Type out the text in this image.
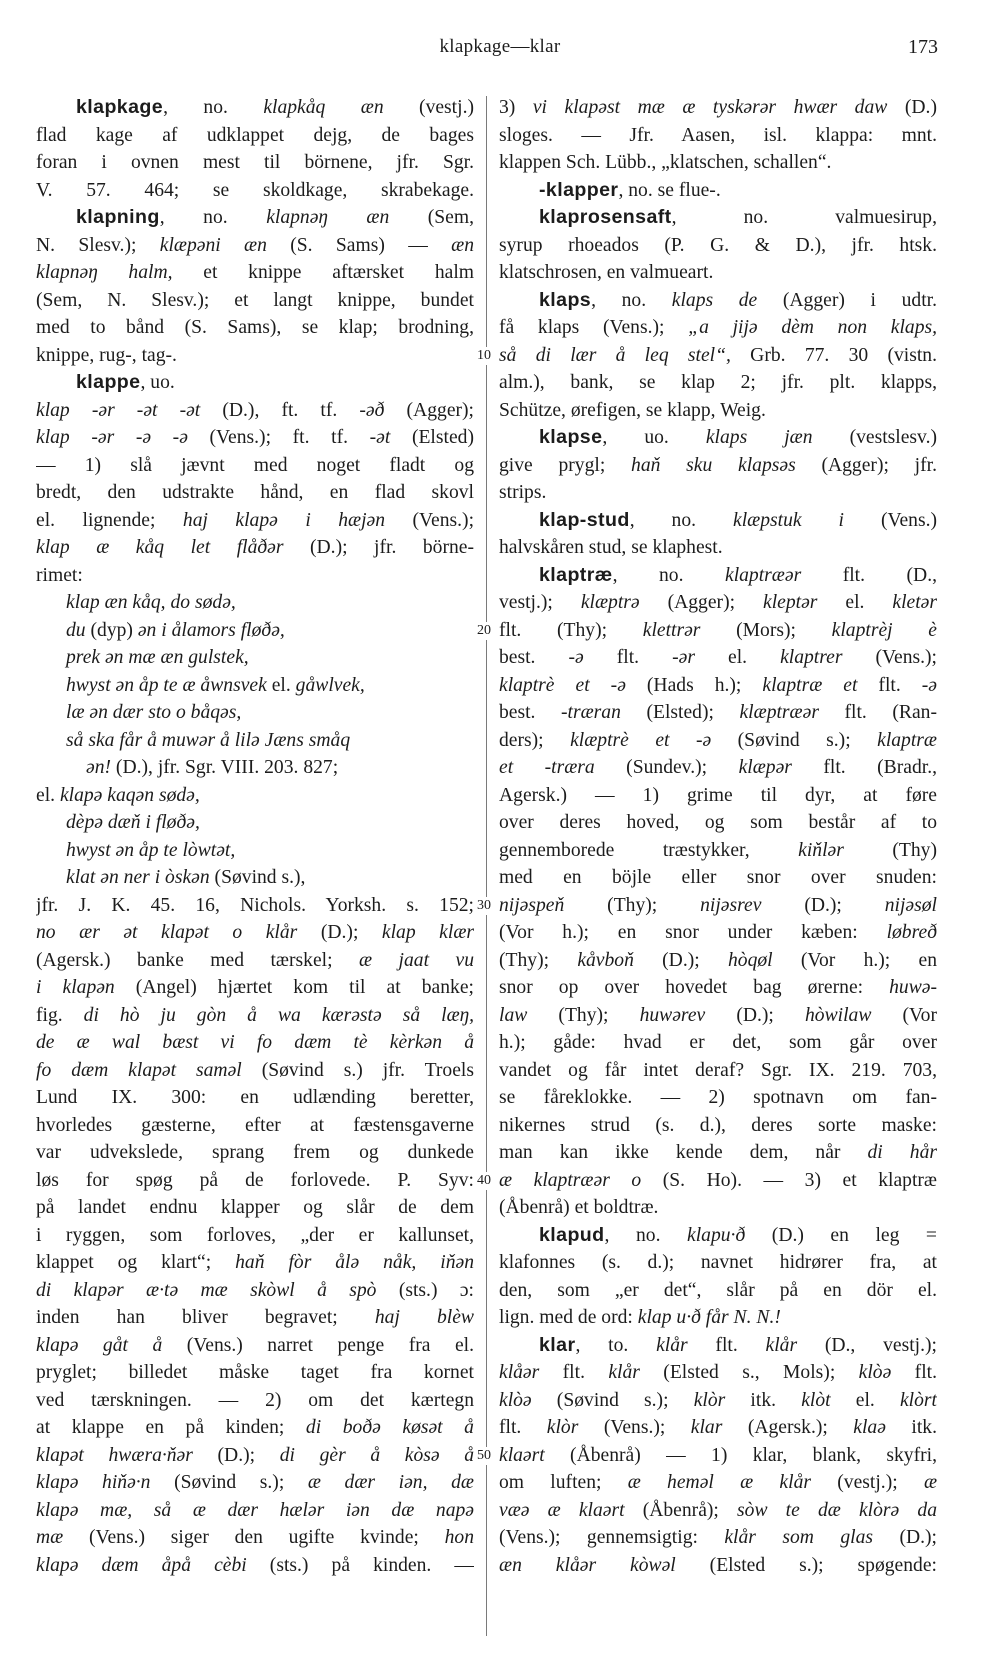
klapkage—klar	173
klapkage, no. klapkåq æn (vestj.)
flad kage af udklappet dejg, de bages
foran i ovnen mest til börnene, jfr. Sgr.
V. 57. 464; se skoldkage, skrabekage.
klapning, no. klapnəŋ æn (Sem,
N. Slesv.); klæpəni æn (S. Sams) — æn
klapnəŋ halm, et knippe aftærsket halm
(Sem, N. Slesv.); et langt knippe, bundet
med to bånd (S. Sams), se klap; brodning,
knippe, rug-, tag-.
klappe, uo.
klap -ər -ət -ət (D.), ft. tf. -əð (Agger);
klap -ər -ə -ə (Vens.); ft. tf. -ət (Elsted)
— 1) slå jævnt med noget fladt og
bredt, den udstrakte hånd, en flad skovl
el. lignende; haj klapə i hæjən (Vens.);
klap æ kåq let flåðər (D.); jfr. börne-
rimet:
klap æn kåq, do sødə,
du (dyp) ən i ålamors fløðə,
prek ən mæ æn gulstek,
hwyst ən åp te æ åwnsvek el. gåwlvek,
læ ən dær sto o båqəs,
så ska får å muwər å lilə Jæns småq
ən! (D.), jfr. Sgr. VIII. 203. 827;
el. klapə kaqən sødə,
dèpə dæň i fløðə,
hwyst ən åp te lòwtət,
klat ən ner i òskən (Søvind s.),
jfr. J. K. 45. 16, Nichols. Yorksh. s. 152;
no ær ət klapət o klår (D.); klap klær
(Agersk.) banke med tærskel; æ jaat vu
i klapən (Angel) hjærtet kom til at banke;
fig. di hò ju gòn å wa kærəstə så læŋ,
de æ wal bæst vi fo dæm tè kèrkən å
fo dæm klapət saməl (Søvind s.) jfr. Troels
Lund IX. 300: en udlænding beretter,
hvorledes gæsterne, efter at fæstensgaverne
var udvekslede, sprang frem og dunkede
løs for spøg på de forlovede. P. Syv:
på landet endnu klapper og slår de dem
i ryggen, som forloves, „der er kallunset,
klappet og klart“; haň fòr ålə nåk, iňən
di klapər æ·tə mæ skòwl å spò (sts.) ɔ:
inden han bliver begravet; haj blèw
klapə gåt å (Vens.) narret penge fra el.
pryglet; billedet måske taget fra kornet
ved tærskningen. — 2) om det kærtegn
at klappe en på kinden; di boðə køsət å
klapət hwæra·ňər (D.); di gèr å kòsə å
klapə hiňə·n (Søvind s.); æ dær iən, dæ
klapə mæ, så æ dær hælər iən dæ napə
mæ (Vens.) siger den ugifte kvinde; hon
klapə dæm åpå cèbi (sts.) på kinden. —
3) vi klapəst mæ æ tyskərər hwær daw (D.)
sloges. — Jfr. Aasen, isl. klappa: mnt.
klappen Sch. Lübb., „klatschen, schallen“.
-klapper, no. se flue-.
klaprosensaft, no. valmuesirup,
syrup rhoeados (P. G. & D.), jfr. htsk.
klatschrosen, en valmueart.
klaps, no. klaps de (Agger) i udtr.
få klaps (Vens.); „a jijə dèm non klaps,
så di lær å leq stel“, Grb. 77. 30 (vistn.
alm.), bank, se klap 2; jfr. plt. klapps,
Schütze, ørefigen, se klapp, Weig.
klapse, uo. klaps jæn (vestslesv.)
give prygl; haň sku klapsəs (Agger); jfr.
strips.
klap-stud, no. klæpstuk i (Vens.)
halvskåren stud, se klaphest.
klaptræ, no. klaptræər flt. (D.,
vestj.); klæptrə (Agger); kleptər el. kletər
flt. (Thy); klettrər (Mors); klaptrèj è
best. -ə flt. -ər el. klaptrer (Vens.);
klaptrè et -ə (Hads h.); klaptræ et flt. -ə
best. -træran (Elsted); klæptræər flt. (Ran-
ders); klæptrè et -ə (Søvind s.); klaptræ
et -træra (Sundev.); klæpər flt. (Bradr.,
Agersk.) — 1) grime til dyr, at føre
over deres hoved, og som består af to
gennemborede træstykker, kiňlər (Thy)
med en böjle eller snor over snuden:
nijəspeň (Thy); nijəsrev (D.); nijəsøl
(Vor h.); en snor under kæben: løbreð
(Thy); kåvboň (D.); hòqøl (Vor h.); en
snor op over hovedet bag ørerne: huwə-
law (Thy); huwərev (D.); hòwilaw (Vor
h.); gåde: hvad er det, som går over
vandet og får intet deraf? Sgr. IX. 219. 703,
se fåreklokke. — 2) spotnavn om fan-
nikernes strud (s. d.), deres sorte maske:
man kan ikke kende dem, når di hår
æ klaptræər o (S. Ho). — 3) et klaptræ
(Åbenrå) et boldtræ.
klapud, no. klapu·ð (D.) en leg =
klafonnes (s. d.); navnet hidrører fra, at
den, som „er det“, slår på en dör el.
lign. med de ord: klap u·ð får N. N.!
klar, to. klår flt. klår (D., vestj.);
klåər flt. klår (Elsted s., Mols); klòə flt.
klòə (Søvind s.); klòr itk. klòt el. klòrt
flt. klòr (Vens.); klar (Agersk.); klaə itk.
klaərt (Åbenrå) — 1) klar, blank, skyfri,
om luften; æ heməl æ klår (vestj.); æ
væə æ klaərt (Åbenrå); sòw te dæ klòrə da
(Vens.); gennemsigtig: klår som glas (D.);
æn klåər kòwəl (Elsted s.); spøgende:
10
20
30
40
50
